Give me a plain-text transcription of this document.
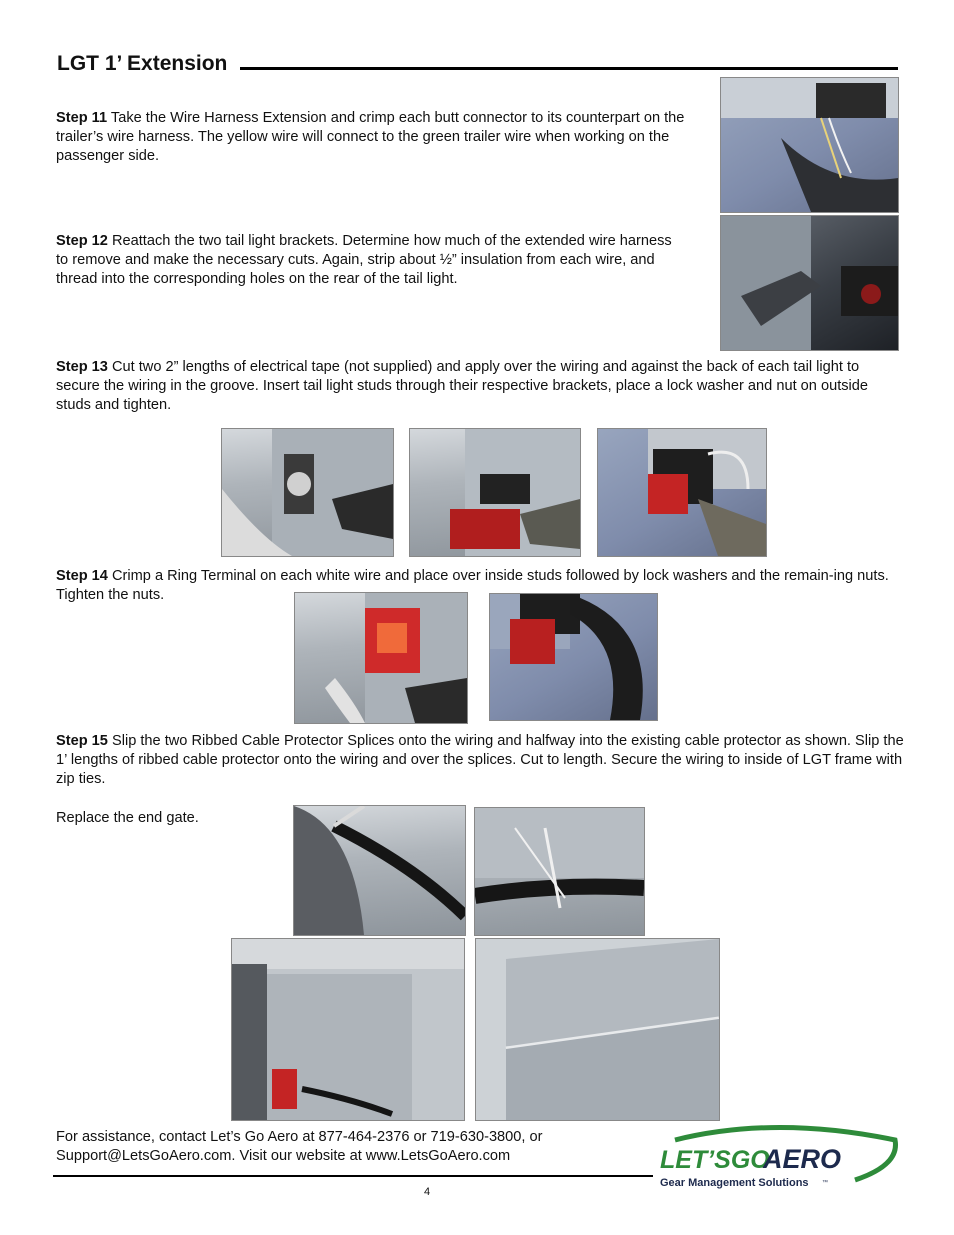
LGT 1’ Extension

Step 11 Take the Wire Harness Extension and crimp each butt connector to its counterpart on the trailer’s wire harness. The yellow wire will connect to the green trailer wire when working on the passenger side.

Step 12 Reattach the two tail light brackets. Determine how much of the extended wire harness to remove and make the necessary cuts. Again, strip about ½” insulation from each wire, and thread into the corresponding holes on the rear of the tail light.

Step 13 Cut two 2” lengths of electrical tape (not supplied) and apply over the wiring and against the back of each tail light to secure the wiring in the groove. Insert tail light studs through their respective brackets, place a lock washer and nut on outside studs and tighten.

Step 14 Crimp a Ring Terminal on each white wire and place over inside studs followed by lock washers and the remain-ing nuts. Tighten the nuts.

Step 15 Slip the two Ribbed Cable Protector Splices onto the wiring and halfway into the existing cable protector as shown. Slip the 1’ lengths of ribbed cable protector onto the wiring and over the splices. Cut to length. Secure the wiring to inside of LGT frame with zip ties.

Replace the end gate.
For assistance, contact Let’s Go Aero at 877-464-2376 or 719-630-3800, or
Support@LetsGoAero.com. Visit our website at www.LetsGoAero.com
4
LET’SGO
AERO
Gear Management Solutions ™
